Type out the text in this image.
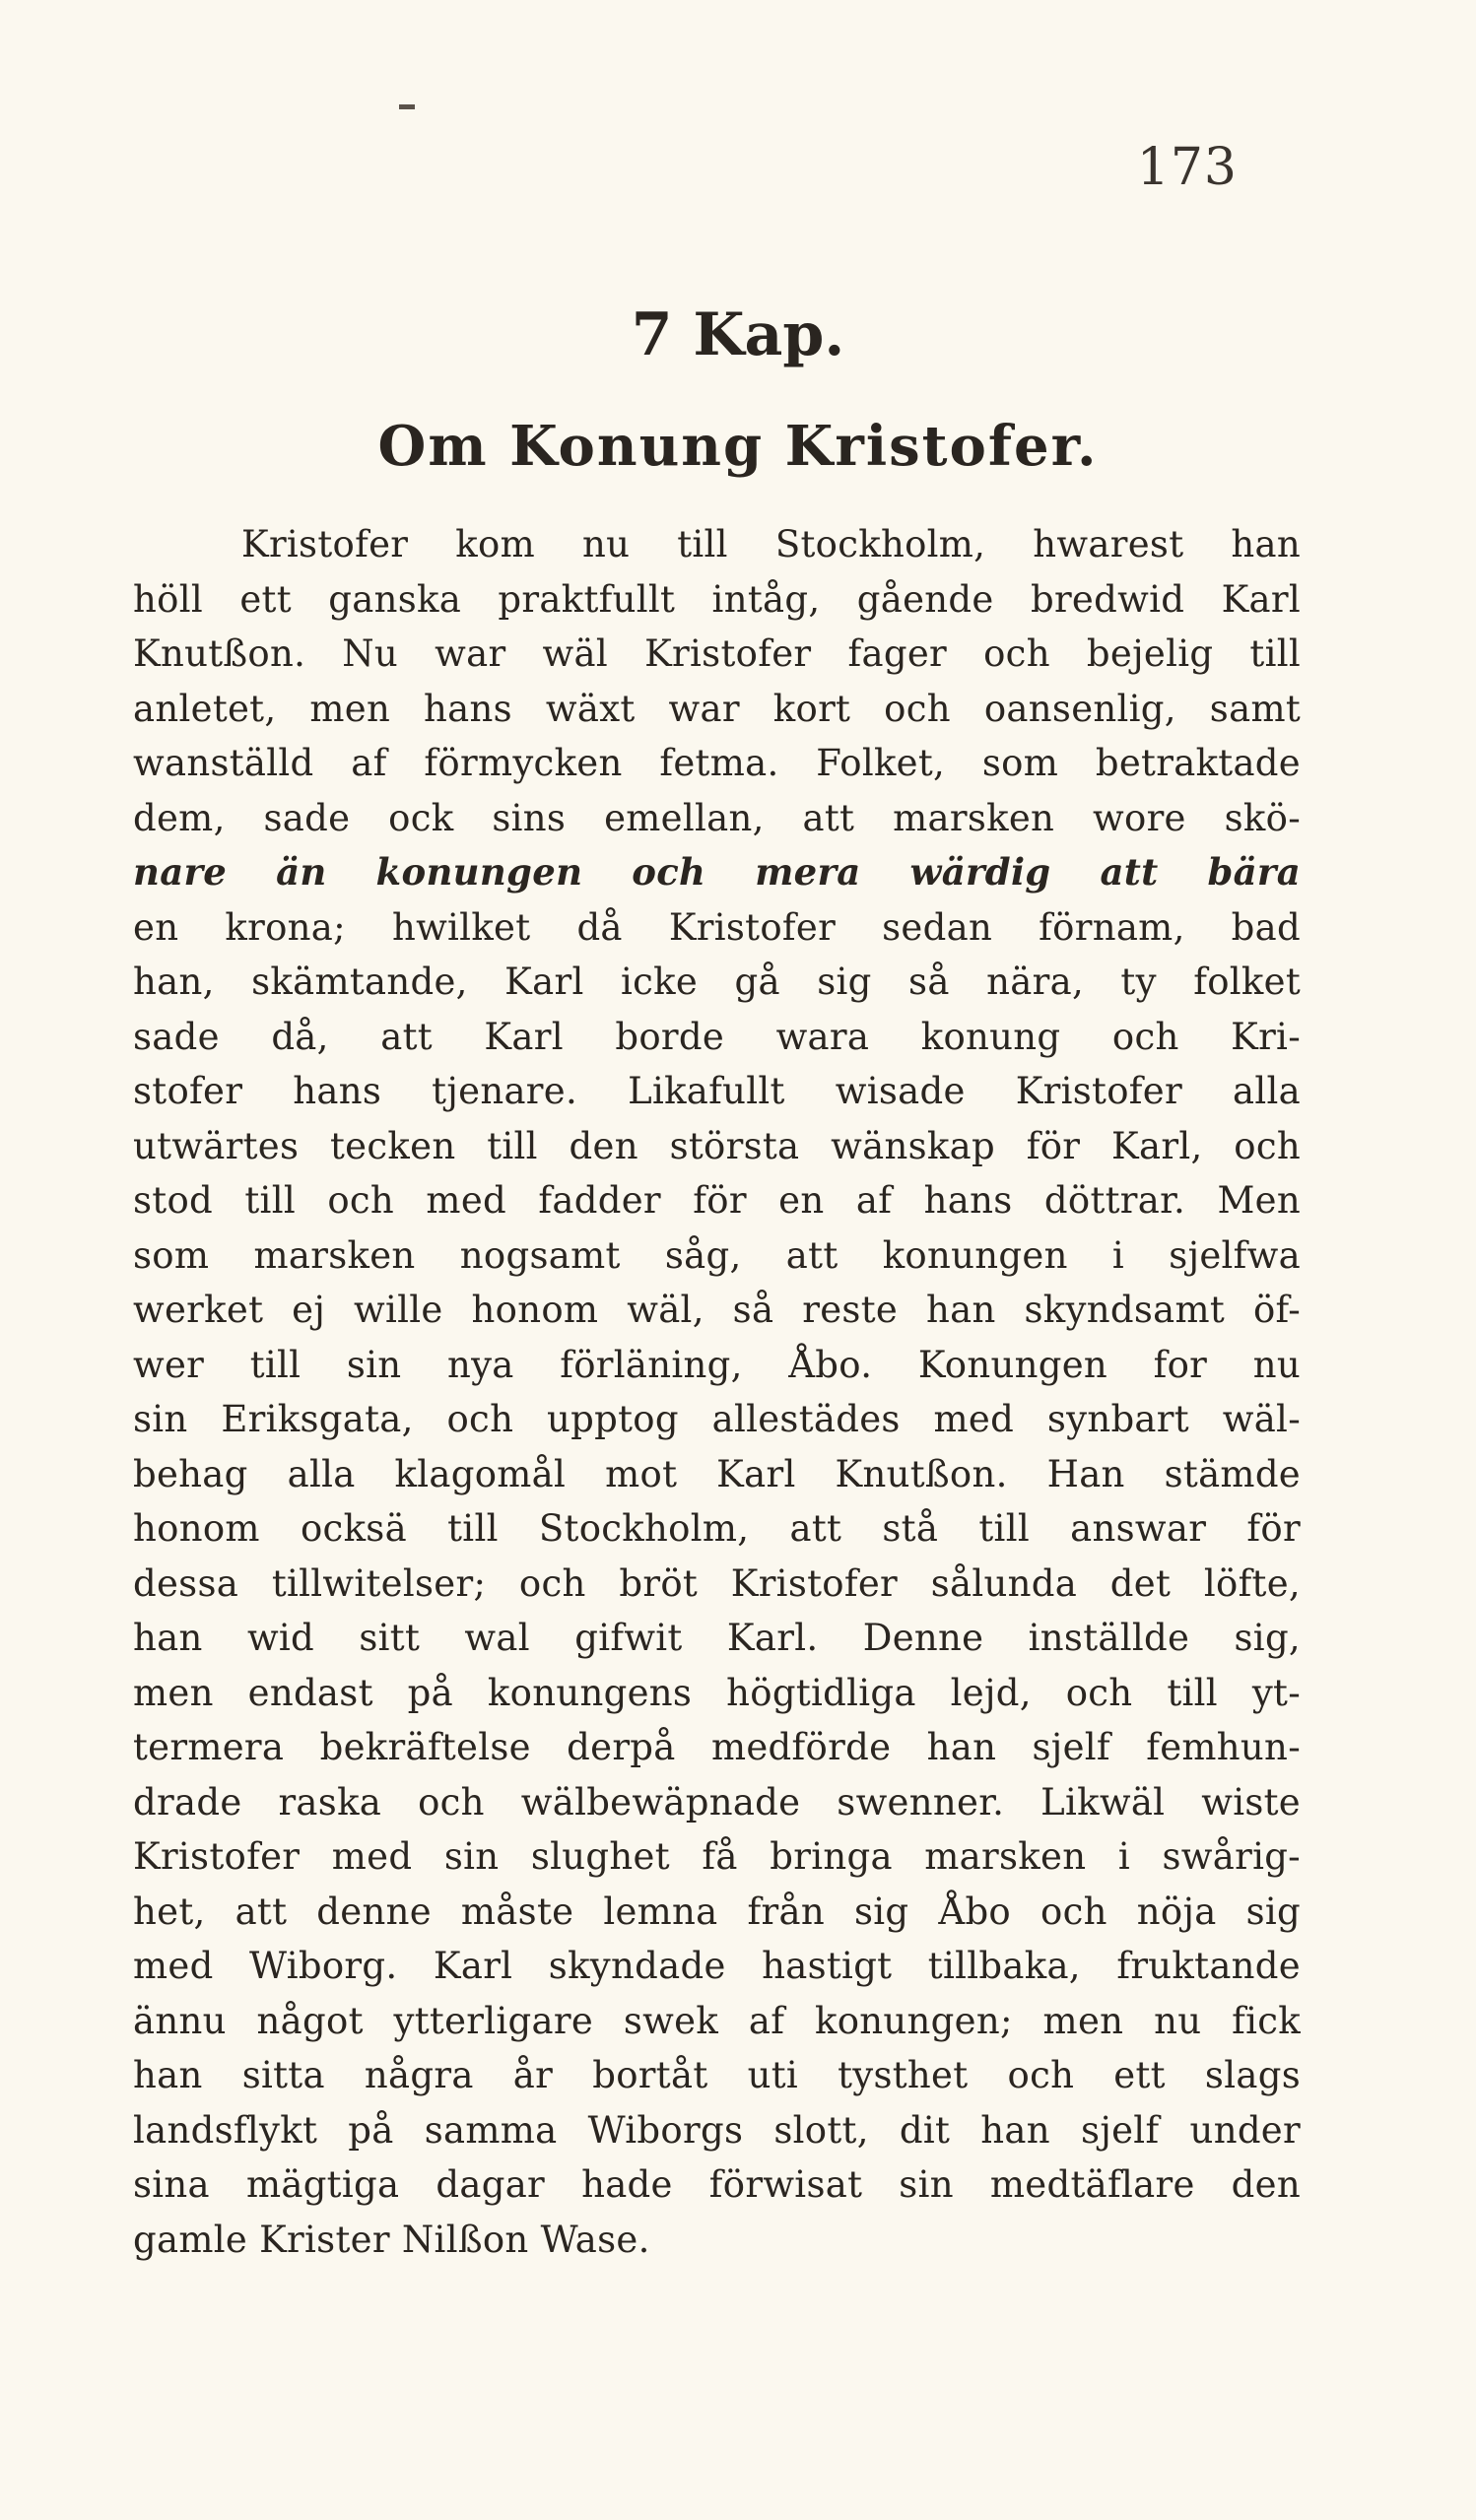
173
7 Kap.
Om Konung Kristofer.
Kristofer kom nu till Stockholm, hwarest han
höll ett ganska praktfullt intåg, gående bredwid Karl
Knutßon. Nu war wäl Kristofer fager och bejelig till
anletet, men hans wäxt war kort och oansenlig, samt
wanställd af förmycken fetma. Folket, som betraktade
dem, sade ock sins emellan, att marsken wore skö-
nare än konungen och mera wärdig att bära
en krona; hwilket då Kristofer sedan förnam, bad
han, skämtande, Karl icke gå sig så nära, ty folket
sade då, att Karl borde wara konung och Kri-
stofer hans tjenare. Likafullt wisade Kristofer alla
utwärtes tecken till den största wänskap för Karl, och
stod till och med fadder för en af hans döttrar. Men
som marsken nogsamt såg, att konungen i sjelfwa
werket ej wille honom wäl, så reste han skyndsamt öf-
wer till sin nya förläning, Åbo. Konungen for nu
sin Eriksgata, och upptog allestädes med synbart wäl-
behag alla klagomål mot Karl Knutßon. Han stämde
honom ocksä till Stockholm, att stå till answar för
dessa tillwitelser; och bröt Kristofer sålunda det löfte,
han wid sitt wal gifwit Karl. Denne inställde sig,
men endast på konungens högtidliga lejd, och till yt-
termera bekräftelse derpå medförde han sjelf femhun-
drade raska och wälbewäpnade swenner. Likwäl wiste
Kristofer med sin slughet få bringa marsken i swårig-
het, att denne måste lemna från sig Åbo och nöja sig
med Wiborg. Karl skyndade hastigt tillbaka, fruktande
ännu något ytterligare swek af konungen; men nu fick
han sitta några år bortåt uti tysthet och ett slags
landsflykt på samma Wiborgs slott, dit han sjelf under
sina mägtiga dagar hade förwisat sin medtäflare den
gamle Krister Nilßon Wase.
